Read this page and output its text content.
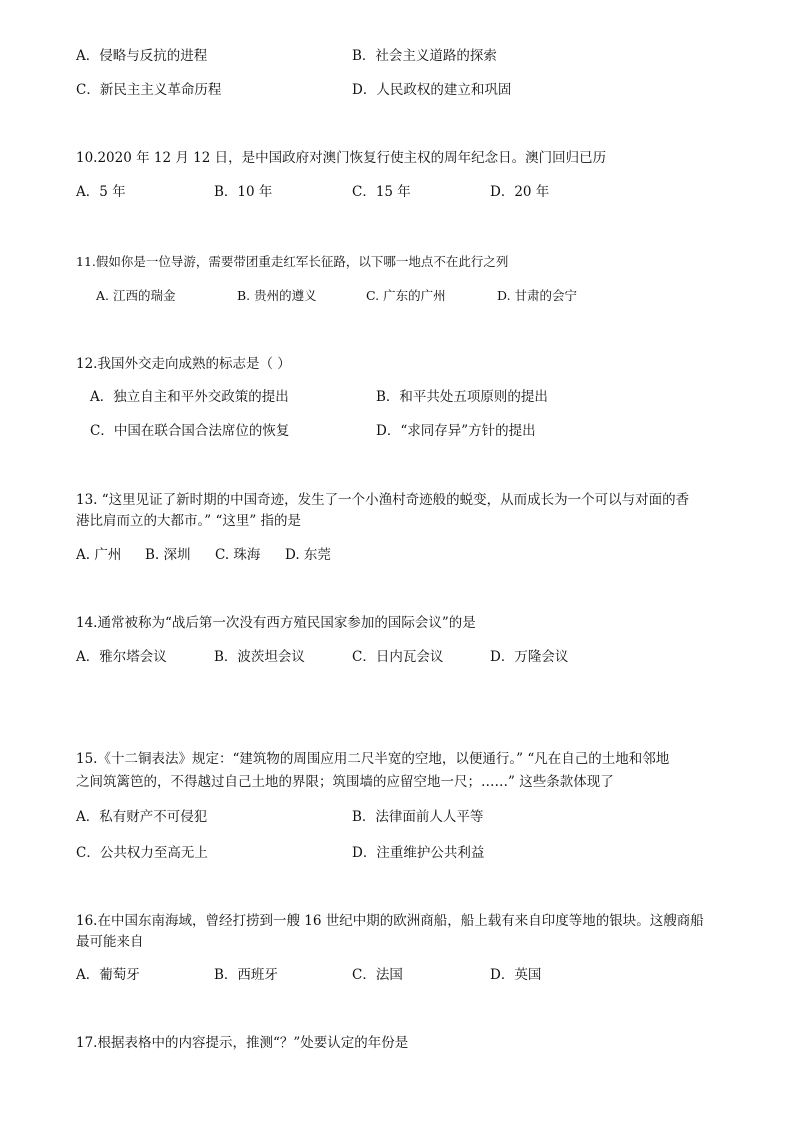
A．侵略与反抗的进程	B．社会主义道路的探索
C．新民主主义革命历程	D．人民政权的建立和巩固
10.2020 年 12 月 12 日，是中国政府对澳门恢复行使主权的周年纪念日。澳门回归已历
A．5 年	B．10 年	C．15 年	D．20 年
11.假如你是一位导游，需要带团重走红军长征路，以下哪一地点不在此行之列
A. 江西的瑞金	B. 贵州的遵义	C. 广东的广州	D. 甘肃的会宁
12.我国外交走向成熟的标志是（ ）
A．独立自主和平外交政策的提出	B．和平共处五项原则的提出
C．中国在联合国合法席位的恢复	D．“求同存异”方针的提出
13. “这里见证了新时期的中国奇迹，发生了一个小渔村奇迹般的蜕变，从而成长为一个可以与对面的香
港比肩而立的大都市。” “这里” 指的是
A. 广州 B. 深圳 C. 珠海 D. 东莞
14.通常被称为“战后第一次没有西方殖民国家参加的国际会议”的是
A．雅尔塔会议	B．波茨坦会议	C．日内瓦会议	D．万隆会议
15.《十二铜表法》规定：“建筑物的周围应用二尺半宽的空地，以便通行。” “凡在自己的土地和邻地
之间筑篱笆的，不得越过自己土地的界限；筑围墙的应留空地一尺；……” 这些条款体现了
A．私有财产不可侵犯	B．法律面前人人平等
C．公共权力至高无上	D．注重维护公共利益
16.在中国东南海域，曾经打捞到一艘 16 世纪中期的欧洲商船，船上载有来自印度等地的银块。这艘商船
最可能来自
A．葡萄牙	B．西班牙	C．法国	D．英国
17.根据表格中的内容提示，推测“？”处要认定的年份是
